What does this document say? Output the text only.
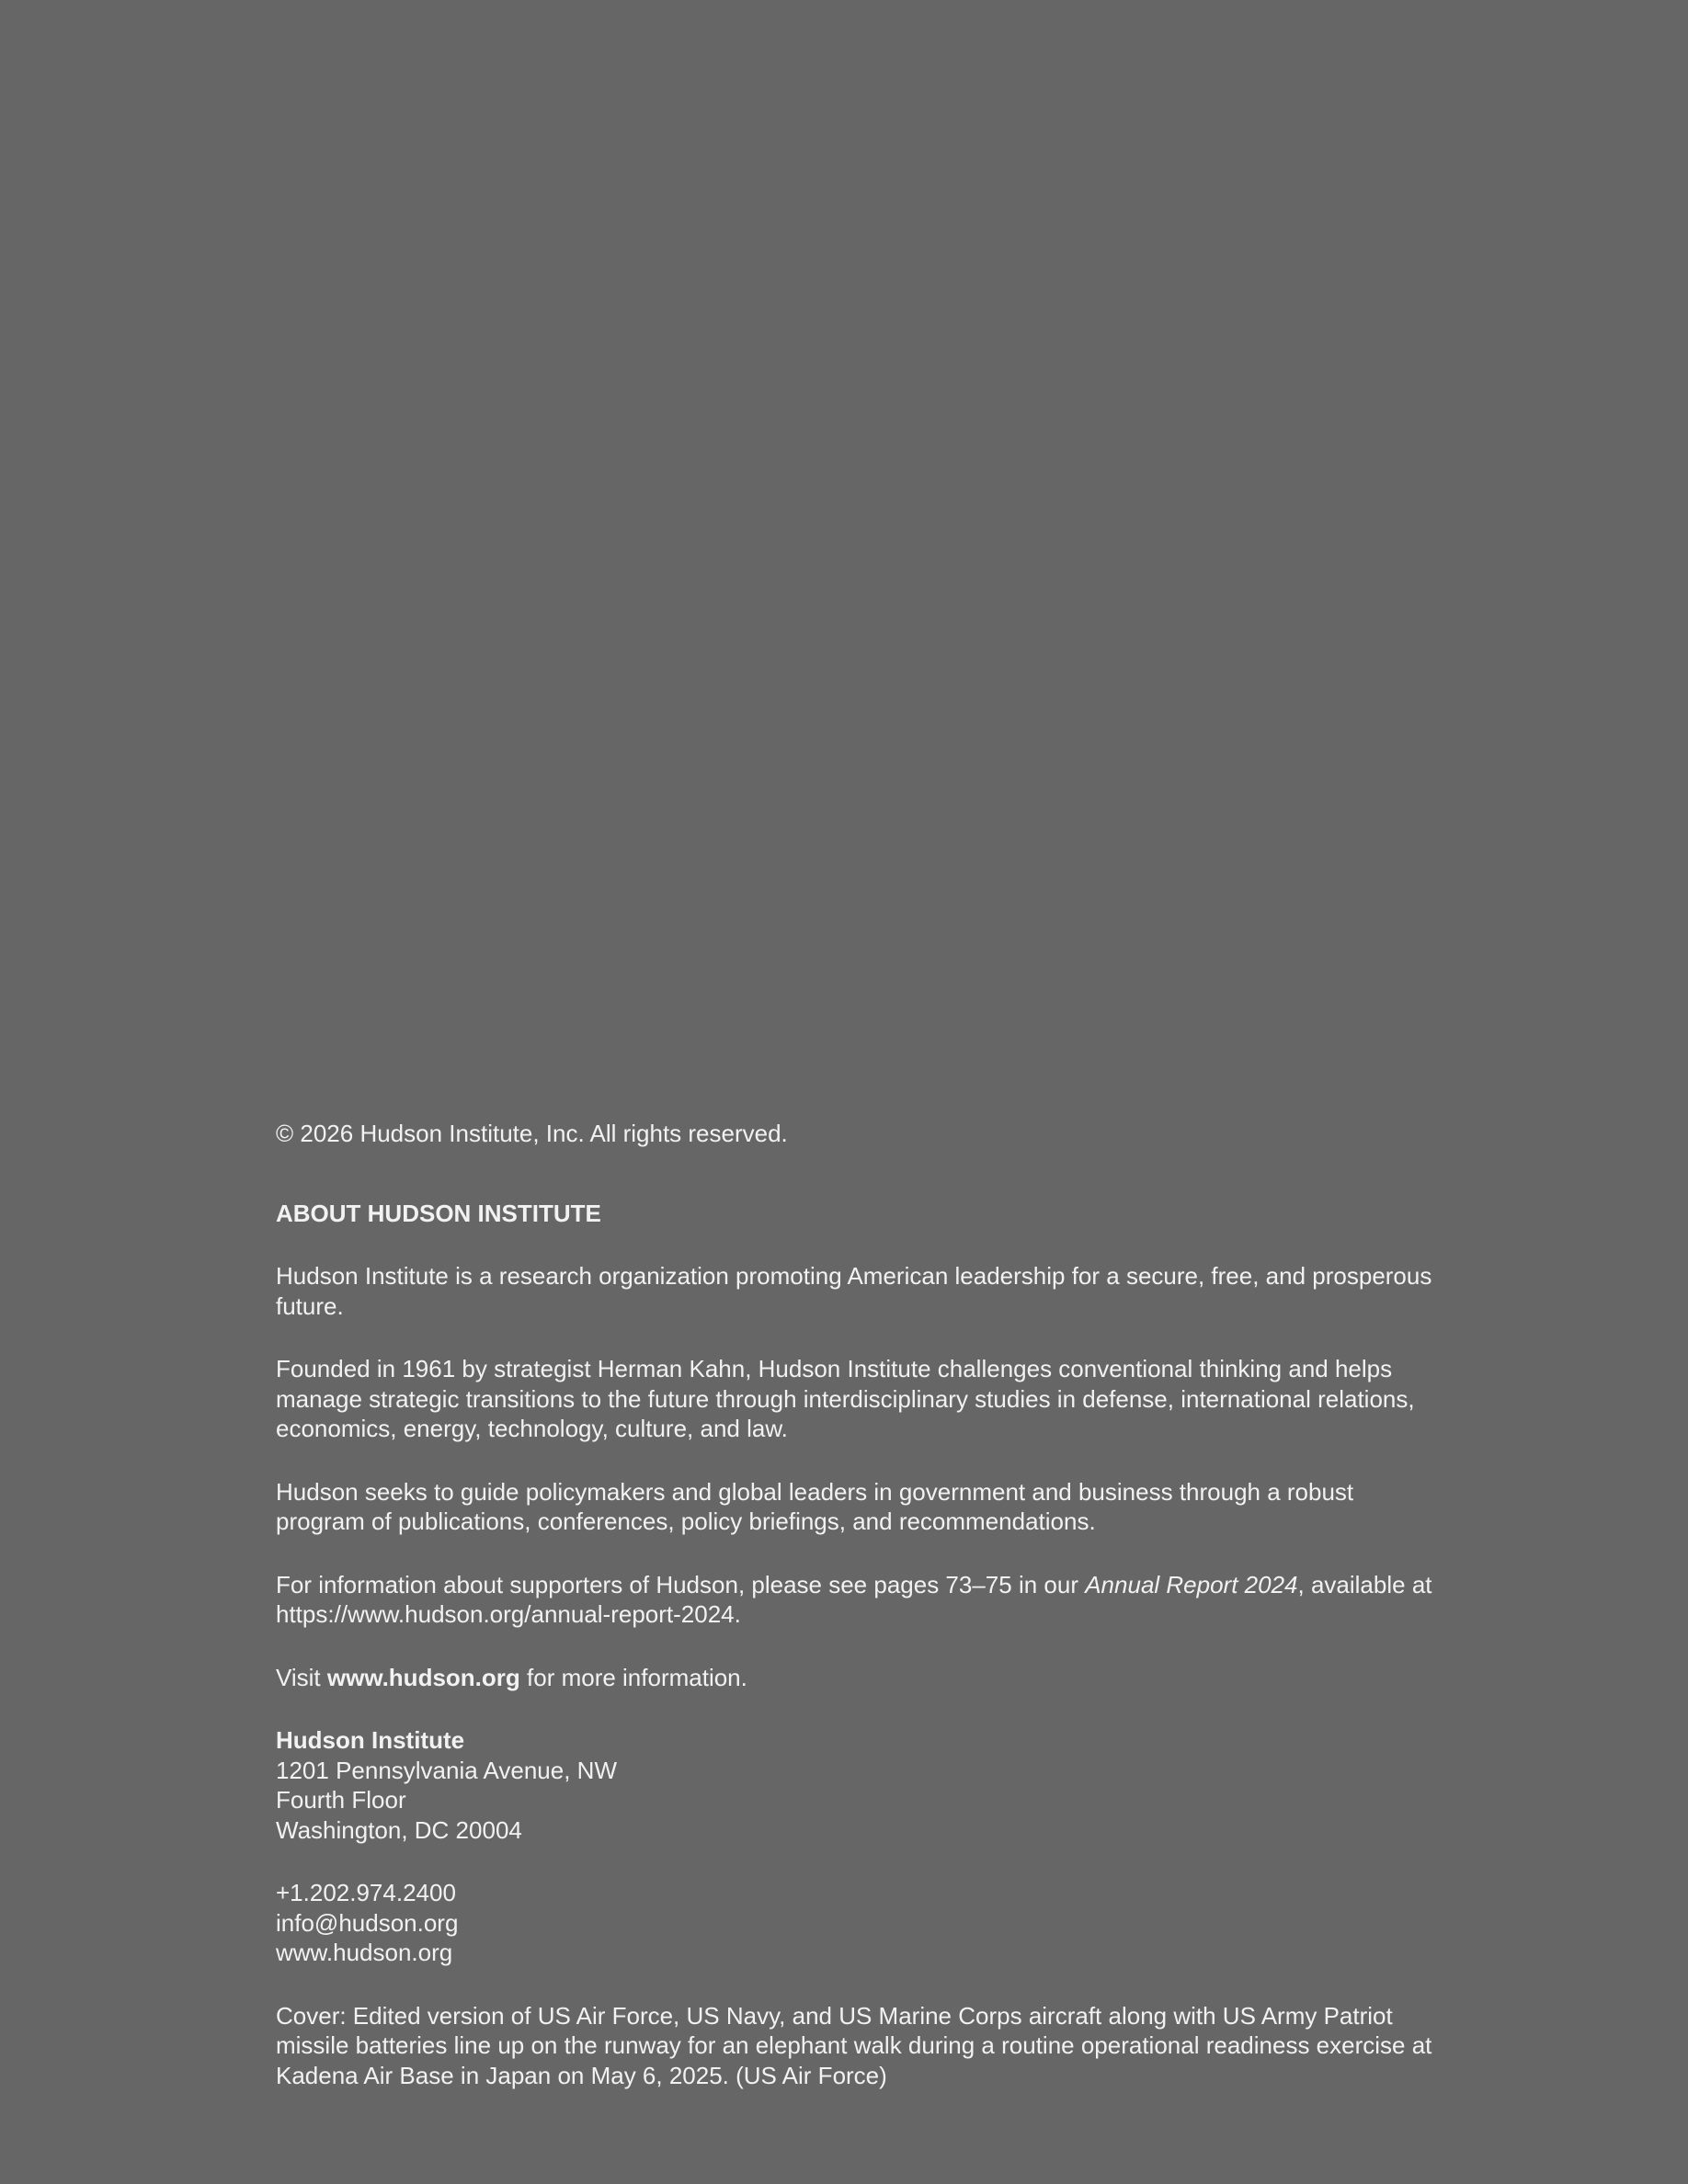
© 2026 Hudson Institute, Inc. All rights reserved.

ABOUT HUDSON INSTITUTE

Hudson Institute is a research organization promoting American leadership for a secure, free, and prosperous future.

Founded in 1961 by strategist Herman Kahn, Hudson Institute challenges conventional thinking and helps manage strategic transitions to the future through interdisciplinary studies in defense, international relations, economics, energy, technology, culture, and law.

Hudson seeks to guide policymakers and global leaders in government and business through a robust program of publications, conferences, policy briefings, and recommendations.

For information about supporters of Hudson, please see pages 73–75 in our Annual Report 2024, available at https://www.hudson.org/annual-report-2024.

Visit www.hudson.org for more information.

Hudson Institute
1201 Pennsylvania Avenue, NW
Fourth Floor
Washington, DC 20004

+1.202.974.2400
info@hudson.org
www.hudson.org

Cover: Edited version of US Air Force, US Navy, and US Marine Corps aircraft along with US Army Patriot missile batteries line up on the runway for an elephant walk during a routine operational readiness exercise at Kadena Air Base in Japan on May 6, 2025. (US Air Force)
